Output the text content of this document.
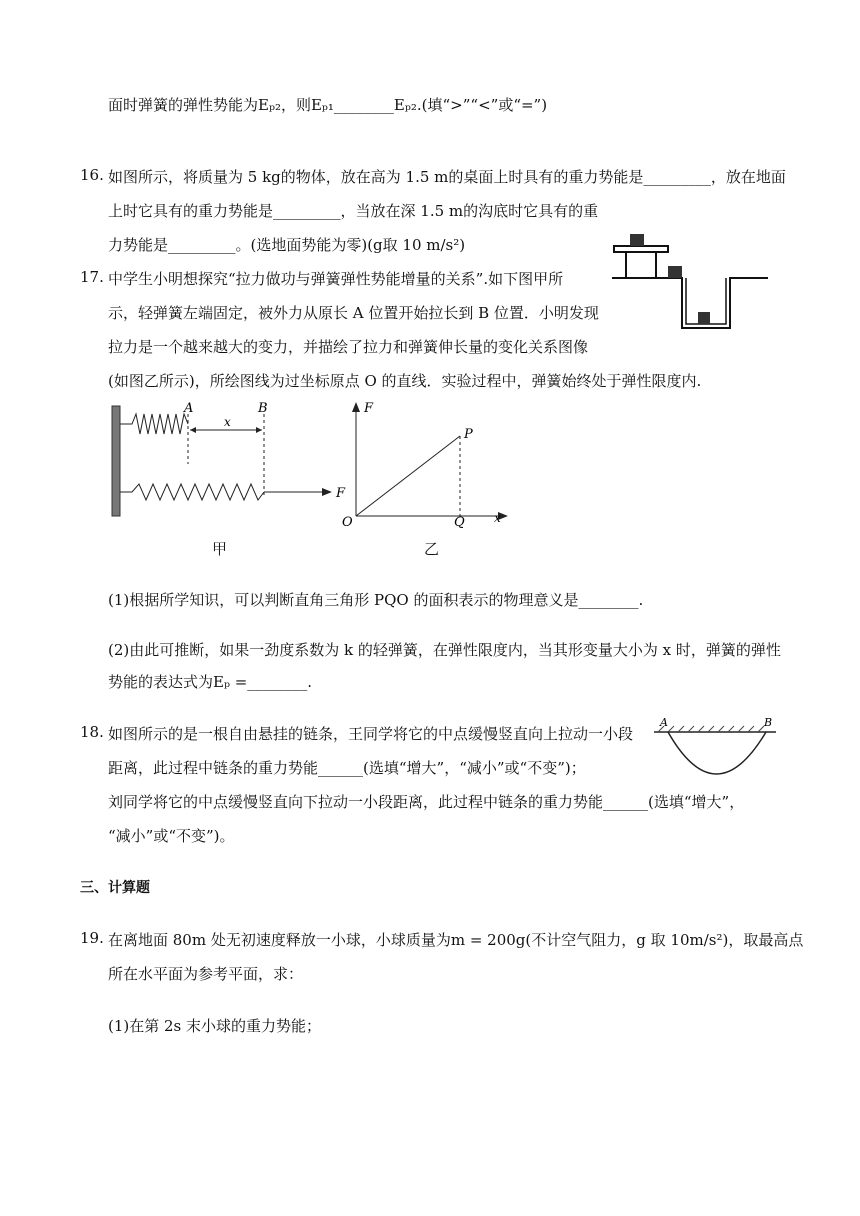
面时弹簧的弹性势能为Eₚ₂，则Eₚ₁________Eₚ₂.(填“>”“<”或“=”)
16. 如图所示，将质量为 5 kg的物体，放在高为 1.5 m的桌面上时具有的重力势能是_________，放在地面
上时它具有的重力势能是_________，当放在深 1.5 m的沟底时它具有的重
力势能是_________。(选地面势能为零)(g取 10 m/s²)
17. 中学生小明想探究“拉力做功与弹簧弹性势能增量的关系”.如下图甲所
示，轻弹簧左端固定，被外力从原长 A 位置开始拉长到 B 位置．小明发现
拉力是一个越来越大的变力，并描绘了拉力和弹簧伸长量的变化关系图像
(如图乙所示)，所绘图线为过坐标原点 O 的直线．实验过程中，弹簧始终处于弹性限度内.
A	B
x
F
甲
F
P
O	Q x
乙
(1)根据所学知识，可以判断直角三角形 PQO 的面积表示的物理意义是________.
(2)由此可推断，如果一劲度系数为 k 的轻弹簧，在弹性限度内，当其形变量大小为 x 时，弹簧的弹性
势能的表达式为Eₚ =________.
18. 如图所示的是一根自由悬挂的链条，王同学将它的中点缓慢竖直向上拉动一小段
距离，此过程中链条的重力势能______(选填“增大”，“减小”或“不变”)；
刘同学将它的中点缓慢竖直向下拉动一小段距离，此过程中链条的重力势能______(选填“增大”，
“减小”或“不变”)。
A	B
三、计算题
19. 在离地面 80m 处无初速度释放一小球，小球质量为m = 200g(不计空气阻力，g 取 10m/s²)，取最高点
所在水平面为参考平面，求：
(1)在第 2s 末小球的重力势能；
